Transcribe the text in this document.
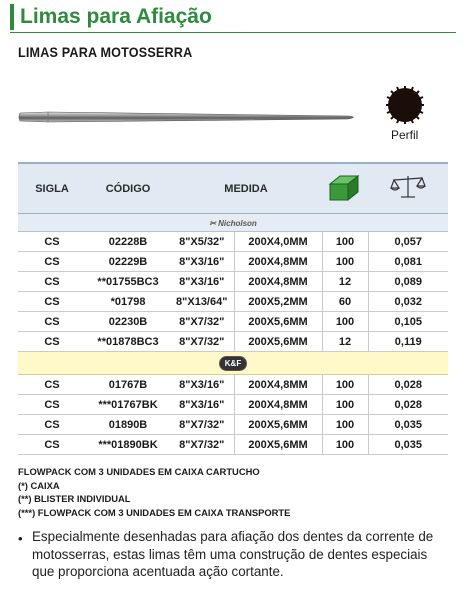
Limas para Afiação
LIMAS PARA MOTOSSERRA
Perfil
SIGLA	CÓDIGO	MEDIDA		
✂ Nicholson					
CS	02228B	8"X5/32"	200X4,0MM	100	0,057
CS	02229B	8"X3/16"	200X4,8MM	100	0,081
CS	**01755BC3	8"X3/16"	200X4,8MM	12	0,089
CS	*01798	8"X13/64"	200X5,2MM	60	0,032
CS	02230B	8"X7/32"	200X5,6MM	100	0,105
CS	**01878BC3	8"X7/32"	200X5,6MM	12	0,119
K&F					
CS	01767B	8"X3/16"	200X4,8MM	100	0,028
CS	***01767BK	8"X3/16"	200X4,8MM	100	0,028
CS	01890B	8"X7/32"	200X5,6MM	100	0,035
CS	***01890BK	8"X7/32"	200X5,6MM	100	0,035
FLOWPACK COM 3 UNIDADES EM CAIXA CARTUCHO
(*) CAIXA
(**) BLISTER INDIVIDUAL
(***) FLOWPACK COM 3 UNIDADES EM CAIXA TRANSPORTE
• Especialmente desenhadas para afiação dos dentes da corrente de motosserras, estas limas têm uma construção de dentes especiais que proporciona acentuada ação cortante.
